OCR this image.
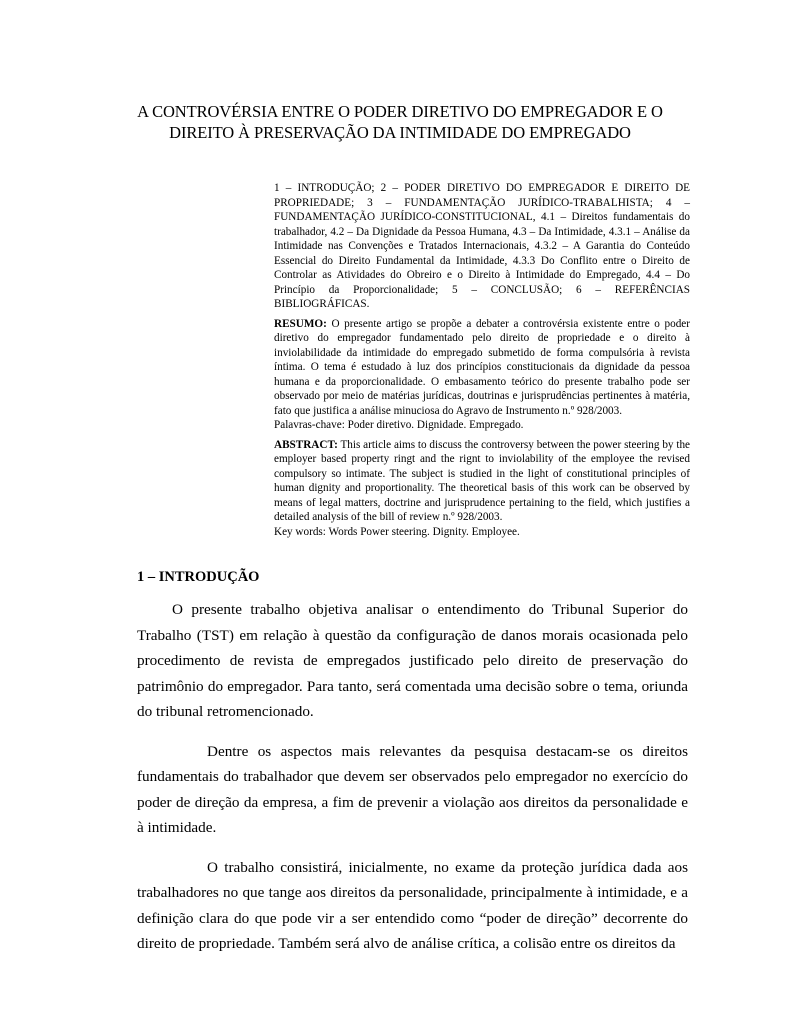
A CONTROVÉRSIA ENTRE O PODER DIRETIVO DO EMPREGADOR E O
DIREITO À PRESERVAÇÃO DA INTIMIDADE DO EMPREGADO

1 – INTRODUÇÃO; 2 – PODER DIRETIVO DO EMPREGADOR E DIREITO DE PROPRIEDADE; 3 – FUNDAMENTAÇÃO JURÍDICO-TRABALHISTA; 4 – FUNDAMENTAÇÃO JURÍDICO-CONSTITUCIONAL, 4.1 – Direitos fundamentais do trabalhador, 4.2 – Da Dignidade da Pessoa Humana, 4.3 – Da Intimidade, 4.3.1 – Análise da Intimidade nas Convenções e Tratados Internacionais, 4.3.2 – A Garantia do Conteúdo Essencial do Direito Fundamental da Intimidade, 4.3.3 Do Conflito entre o Direito de Controlar as Atividades do Obreiro e o Direito à Intimidade do Empregado, 4.4 – Do Princípio da Proporcionalidade; 5 – CONCLUSÃO; 6 – REFERÊNCIAS BIBLIOGRÁFICAS.

RESUMO: O presente artigo se propõe a debater a controvérsia existente entre o poder diretivo do empregador fundamentado pelo direito de propriedade e o direito à inviolabilidade da intimidade do empregado submetido de forma compulsória à revista íntima. O tema é estudado à luz dos princípios constitucionais da dignidade da pessoa humana e da proporcionalidade. O embasamento teórico do presente trabalho pode ser observado por meio de matérias jurídicas, doutrinas e jurisprudências pertinentes à matéria, fato que justifica a análise minuciosa do Agravo de Instrumento n.º 928/2003.

Palavras-chave: Poder diretivo. Dignidade. Empregado.

ABSTRACT: This article aims to discuss the controversy between the power steering by the employer based property ringt and the rignt to inviolability of the employee the revised compulsory so intimate. The subject is studied in the light of constitutional principles of human dignity and proportionality. The theoretical basis of this work can be observed by means of legal matters, doctrine and jurisprudence pertaining to the field, which justifies a detailed analysis of the bill of review n.º 928/2003.

Key words: Words Power steering. Dignity. Employee.

1 – INTRODUÇÃO

O presente trabalho objetiva analisar o entendimento do Tribunal Superior do Trabalho (TST) em relação à questão da configuração de danos morais ocasionada pelo procedimento de revista de empregados justificado pelo direito de preservação do patrimônio do empregador. Para tanto, será comentada uma decisão sobre o tema, oriunda do tribunal retromencionado.

Dentre os aspectos mais relevantes da pesquisa destacam-se os direitos fundamentais do trabalhador que devem ser observados pelo empregador no exercício do poder de direção da empresa, a fim de prevenir a violação aos direitos da personalidade e à intimidade.

O trabalho consistirá, inicialmente, no exame da proteção jurídica dada aos trabalhadores no que tange aos direitos da personalidade, principalmente à intimidade, e a definição clara do que pode vir a ser entendido como “poder de direção” decorrente do direito de propriedade. Também será alvo de análise crítica, a colisão entre os direitos da
